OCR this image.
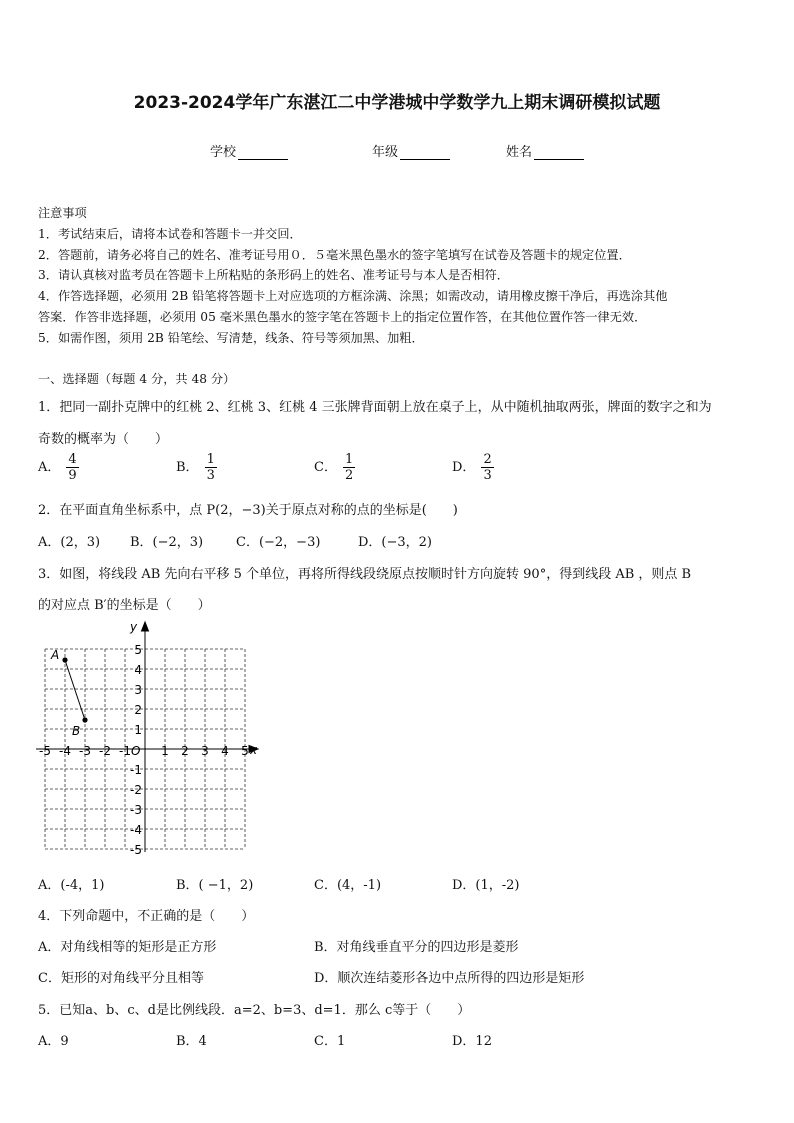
2023-2024学年广东湛江二中学港城中学数学九上期末调研模拟试题
学校	年级	姓名
注意事项
1．考试结束后，请将本试卷和答题卡一并交回．
2．答题前，请务必将自己的姓名、准考证号用０．５毫米黑色墨水的签字笔填写在试卷及答题卡的规定位置．
3．请认真核对监考员在答题卡上所粘贴的条形码上的姓名、准考证号与本人是否相符．
4．作答选择题，必须用 2B 铅笔将答题卡上对应选项的方框涂满、涂黑；如需改动，请用橡皮擦干净后，再选涂其他
答案．作答非选择题，必须用 05 毫米黑色墨水的签字笔在答题卡上的指定位置作答，在其他位置作答一律无效．
5．如需作图，须用 2B 铅笔绘、写清楚，线条、符号等须加黑、加粗．
一、选择题（每题 4 分，共 48 分）
1．把同一副扑克牌中的红桃 2、红桃 3、红桃 4 三张牌背面朝上放在桌子上，从中随机抽取两张，牌面的数字之和为
奇数的概率为（　　）
A． $\frac{4}{9}$	B． $\frac{1}{3}$	C． $\frac{1}{2}$	D． $\frac{2}{3}$
2．在平面直角坐标系中，点 P(2，−3)关于原点对称的点的坐标是(　　)
A．(2，3) B．(−2，3)	C．(−2，−3)	D．(−3，2)
3．如图，将线段 AB 先向右平移 5 个单位，再将所得线段绕原点按顺时针方向旋转 90°，得到线段 AB ，则点 B
的对应点 B′的坐标是（　　）
x
y
O
-5 -4 -3 -2 -1	1 2 3 4 5
5
4
3
2
1
-1
-2
-3
-4
-5
A
B
A．(-4，1)	B．( −1，2)	C．(4，-1)	D．(1，-2)
4．下列命题中，不正确的是（　　）
A．对角线相等的矩形是正方形	B．对角线垂直平分的四边形是菱形
C．矩形的对角线平分且相等	D．顺次连结菱形各边中点所得的四边形是矩形
5．已知a、b、c、d是比例线段．a=2、b=3、d=1．那么 c等于（　　）
A．9	B．4	C．1	D．12
